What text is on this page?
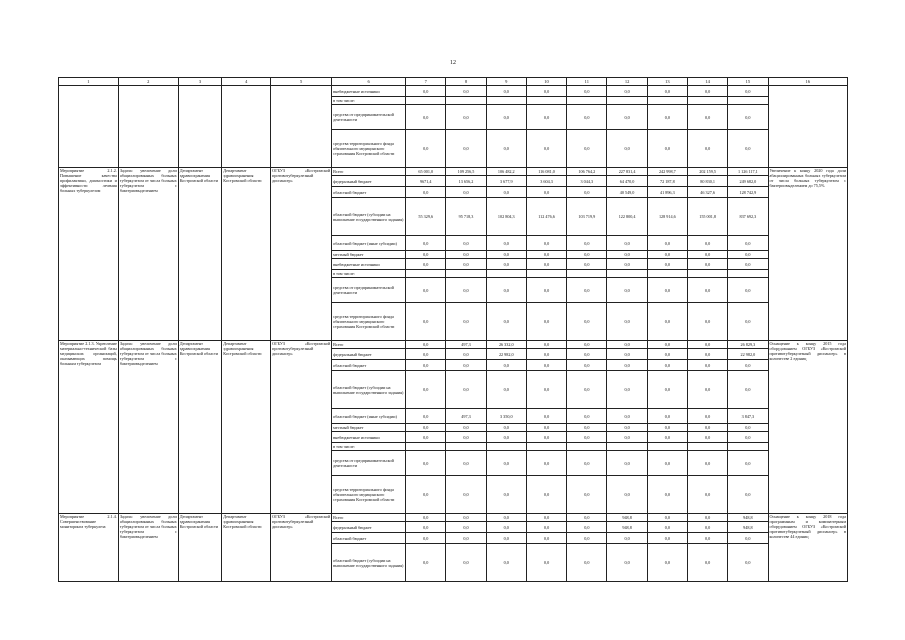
12
1	2	3	4	5	6	7	8	9	10	11	12	13	14	15	16
					внебюджетные источники	0,0	0,0	0,0	0,0	0,0	0,0	0,0	0,0	0,0	
					в том числе:										
					средства от предпринимательской деятельности	0,0	0,0	0,0	0,0	0,0	0,0	0,0	0,0	0,0	
					средства территориального фонда обязательного медицинского страхования Костромской области	0,0	0,0	0,0	0,0	0,0	0,0	0,0	0,0	0,0	
Мероприятие 2.1.2. Повышение качества профилактики, диагностики и эффективности лечения больных туберкулезом	Задача: увеличение доли абациллированных больных туберкулезом от числа больных туберкулезом с бактериовыделением	Департамент здравоохранения Костромской области	Департамент здравоохранения Костромской области	ОГБУЗ «Костромской противотуберкулезный диспансер»	Всего	65 001,0	109 256,5	106 482,2	116 081,0	106 764,2	227 831,4	242 998,7	202 159,5	1 126 117,1	Увеличение к концу 2020 года доли абациллированных больных туберкулезом от числа больных туберкулезом с бактериовыделением до 75,5%
					федеральный бюджет	9671,4	13 656,2	3 677,9	3 604,3	3 044,3	64 470,0	72 187,8	80 830,1	249 682,0	
					областной бюджет	0,0	0,0	0,0	0,0	0,0	40 549,0	41 896,3	46 327,6	128 742,9	
					областной бюджет (субсидии на выполнение государственного задания)	55 329,6	95 718,3	102 804,3	112 476,6	103 719,9	122 800,4	128 914,6	155 001,8	837 692,3	
					областной бюджет (иные субсидии)	0,0	0,0	0,0	0,0	0,0	0,0	0,0	0,0	0,0	
					местный бюджет	0,0	0,0	0,0	0,0	0,0	0,0	0,0	0,0	0,0	
					внебюджетные источники	0,0	0,0	0,0	0,0	0,0	0,0	0,0	0,0	0,0	
					в том числе:										
					средства от предпринимательской деятельности	0,0	0,0	0,0	0,0	0,0	0,0	0,0	0,0	0,0	
					средства территориального фонда обязательного медицинского страхования Костромской области	0,0	0,0	0,0	0,0	0,0	0,0	0,0	0,0	0,0	
Мероприятие 2.1.3. Укрепление материально-технической базы медицинских организаций, оказывающих помощь больным туберкулезом	Задача: увеличение доли абациллированных больных туберкулезом от числа больных туберкулезом с бактериовыделением	Департамент здравоохранения Костромской области	Департамент здравоохранения Костромской области	ОГБУЗ «Костромской противотуберкулезный диспансер»	Всего	0,0	497,3	26 332,0	0,0	0,0	0,0	0,0	0,0	26 829,3	Оснащение к концу 2015 года оборудованием ОГБУЗ «Костромской противотуберкулезный диспансер» в количестве 2 единиц
					федеральный бюджет	0,0	0,0	22 982,0	0,0	0,0	0,0	0,0	0,0	22 982,0	
					областной бюджет	0,0	0,0	0,0	0,0	0,0	0,0	0,0	0,0	0,0	
					областной бюджет (субсидии на выполнение государственного задания)	0,0	0,0	0,0	0,0	0,0	0,0	0,0	0,0	0,0	
					областной бюджет (иные субсидии)	0,0	497,3	3 350,0	0,0	0,0	0,0	0,0	0,0	3 847,3	
					местный бюджет	0,0	0,0	0,0	0,0	0,0	0,0	0,0	0,0	0,0	
					внебюджетные источники	0,0	0,0	0,0	0,0	0,0	0,0	0,0	0,0	0,0	
					в том числе:										
					средства от предпринимательской деятельности	0,0	0,0	0,0	0,0	0,0	0,0	0,0	0,0	0,0	
					средства территориального фонда обязательного медицинского страхования Костромской области	0,0	0,0	0,0	0,0	0,0	0,0	0,0	0,0	0,0	
Мероприятие 2.1.4. Совершенствование мониторинга туберкулеза	Задача: увеличение доли абациллированных больных туберкулезом от числа больных туберкулезом с бактериовыделением	Департамент здравоохранения Костромской области	Департамент здравоохранения Костромской области	ОГБУЗ «Костромской противотуберкулезный диспансер»	Всего	0,0	0,0	0,0	0,0	0,0	948,8	0,0	0,0	948,8	Оснащение к концу 2018 года программным и компьютерным оборудованием ОГБУЗ «Костромской противотуберкулезный диспансер» в количестве 44 единиц
					федеральный бюджет	0,0	0,0	0,0	0,0	0,0	948,8	0,0	0,0	948,8	
					областной бюджет	0,0	0,0	0,0	0,0	0,0	0,0	0,0	0,0	0,0	
					областной бюджет (субсидии на выполнение государственного задания)	0,0	0,0	0,0	0,0	0,0	0,0	0,0	0,0	0,0	
